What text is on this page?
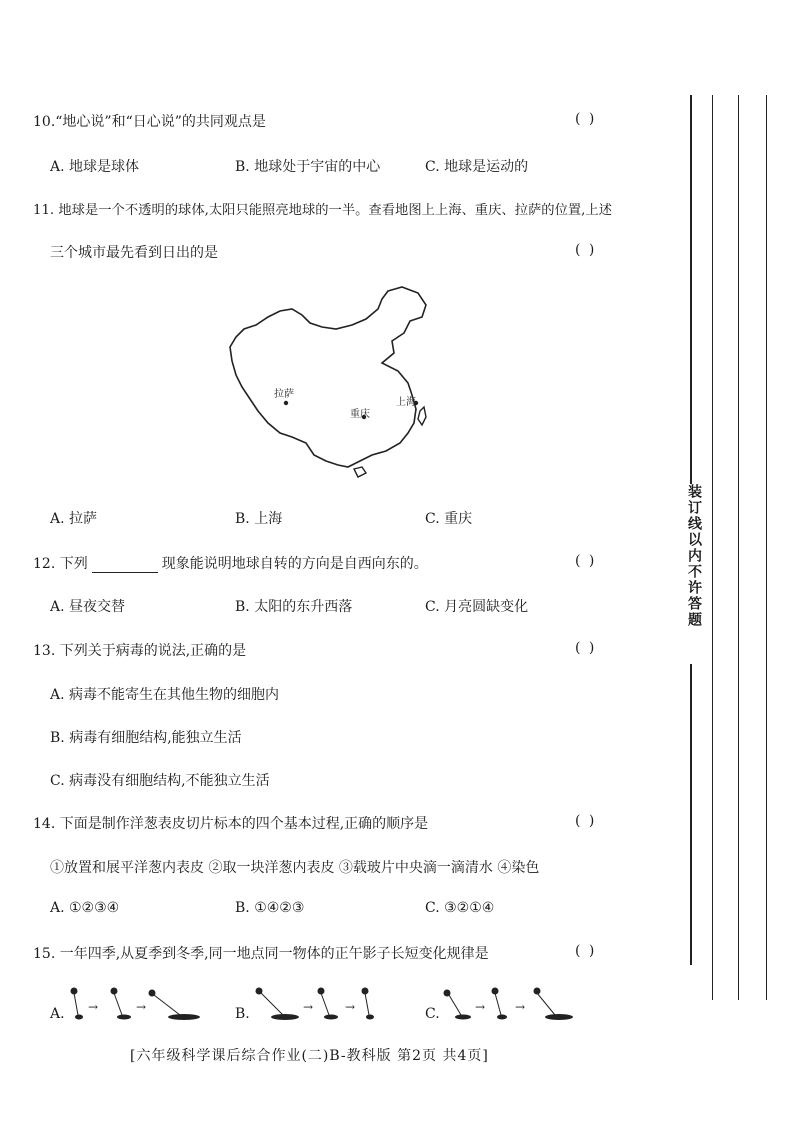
10.“地心说”和“日心说”的共同观点是	( )
A. 地球是球体	B. 地球处于宇宙的中心	C. 地球是运动的
11. 地球是一个不透明的球体,太阳只能照亮地球的一半。查看地图上上海、重庆、拉萨的位置,上述
三个城市最先看到日出的是	( )
拉萨
重庆
上海
A. 拉萨	B. 上海	C. 重庆
12. 下列	现象能说明地球自转的方向是自西向东的。	( )
A. 昼夜交替	B. 太阳的东升西落	C. 月亮圆缺变化
13. 下列关于病毒的说法,正确的是	( )
A. 病毒不能寄生在其他生物的细胞内
B. 病毒有细胞结构,能独立生活
C. 病毒没有细胞结构,不能独立生活
14. 下面是制作洋葱表皮切片标本的四个基本过程,正确的顺序是	( )
①放置和展平洋葱内表皮 ②取一块洋葱内表皮 ③载玻片中央滴一滴清水 ④染色
A. ①②③④	B. ①④②③	C. ③②①④
15. 一年四季,从夏季到冬季,同一地点同一物体的正午影子长短变化规律是	( )
A. →	→	B.	→	→	C.	→ →
[六年级科学课后综合作业(二)B-教科版 第2页 共4页]
装订线以内不许答题
